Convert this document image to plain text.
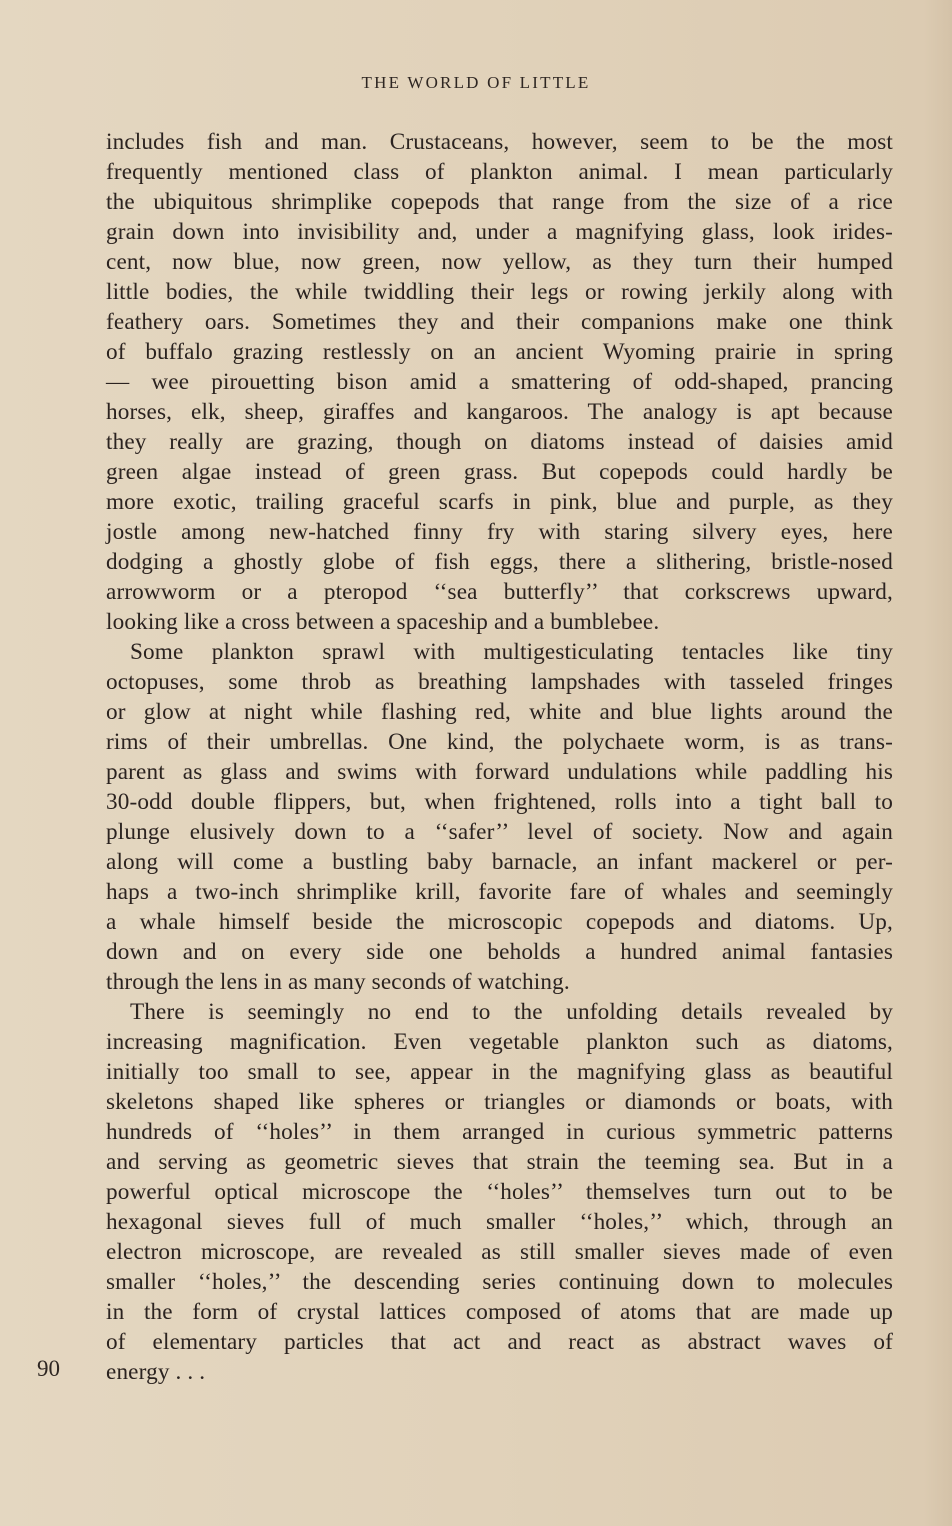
THE WORLD OF LITTLE
includes fish and man. Crustaceans, however, seem to be the most
frequently mentioned class of plankton animal. I mean particularly
the ubiquitous shrimplike copepods that range from the size of a rice
grain down into invisibility and, under a magnifying glass, look irides-
cent, now blue, now green, now yellow, as they turn their humped
little bodies, the while twiddling their legs or rowing jerkily along with
feathery oars. Sometimes they and their companions make one think
of buffalo grazing restlessly on an ancient Wyoming prairie in spring
— wee pirouetting bison amid a smattering of odd-shaped, prancing
horses, elk, sheep, giraffes and kangaroos. The analogy is apt because
they really are grazing, though on diatoms instead of daisies amid
green algae instead of green grass. But copepods could hardly be
more exotic, trailing graceful scarfs in pink, blue and purple, as they
jostle among new-hatched finny fry with staring silvery eyes, here
dodging a ghostly globe of fish eggs, there a slithering, bristle-nosed
arrowworm or a pteropod ‘‘sea butterfly’’ that corkscrews upward,
looking like a cross between a spaceship and a bumblebee.
Some plankton sprawl with multigesticulating tentacles like tiny
octopuses, some throb as breathing lampshades with tasseled fringes
or glow at night while flashing red, white and blue lights around the
rims of their umbrellas. One kind, the polychaete worm, is as trans-
parent as glass and swims with forward undulations while paddling his
30-odd double flippers, but, when frightened, rolls into a tight ball to
plunge elusively down to a ‘‘safer’’ level of society. Now and again
along will come a bustling baby barnacle, an infant mackerel or per-
haps a two-inch shrimplike krill, favorite fare of whales and seemingly
a whale himself beside the microscopic copepods and diatoms. Up,
down and on every side one beholds a hundred animal fantasies
through the lens in as many seconds of watching.
There is seemingly no end to the unfolding details revealed by
increasing magnification. Even vegetable plankton such as diatoms,
initially too small to see, appear in the magnifying glass as beautiful
skeletons shaped like spheres or triangles or diamonds or boats, with
hundreds of ‘‘holes’’ in them arranged in curious symmetric patterns
and serving as geometric sieves that strain the teeming sea. But in a
powerful optical microscope the ‘‘holes’’ themselves turn out to be
hexagonal sieves full of much smaller ‘‘holes,’’ which, through an
electron microscope, are revealed as still smaller sieves made of even
smaller ‘‘holes,’’ the descending series continuing down to molecules
in the form of crystal lattices composed of atoms that are made up
of elementary particles that act and react as abstract waves of
energy . . .
90
